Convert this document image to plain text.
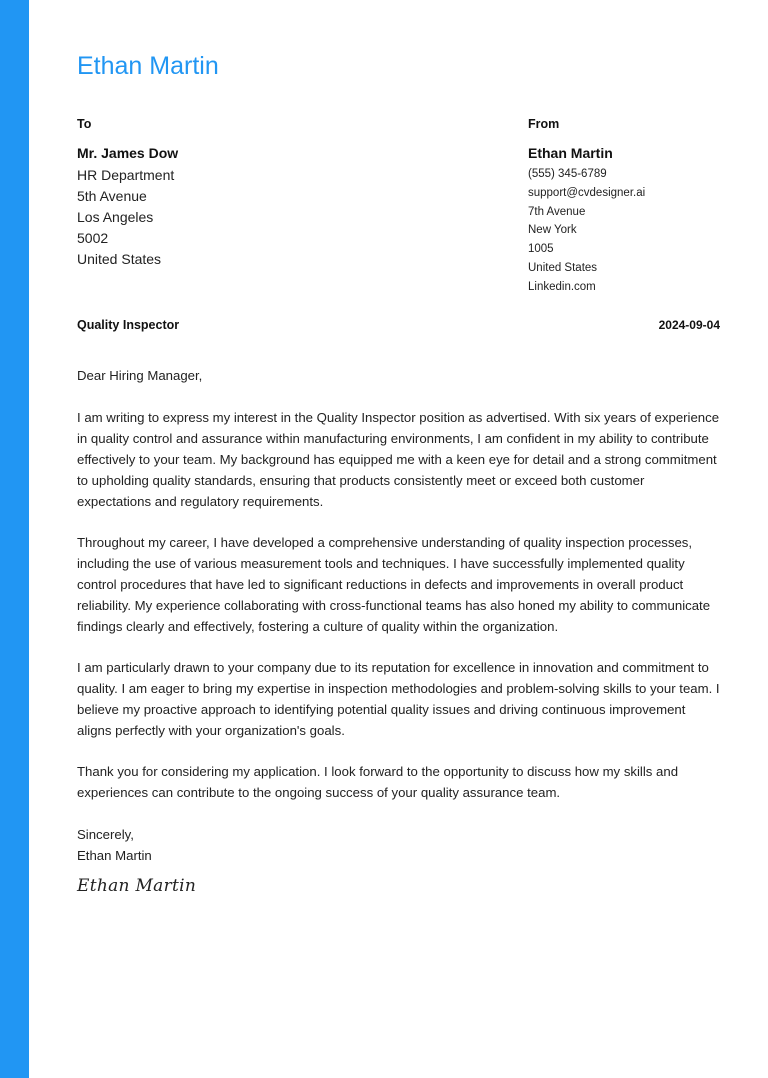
Ethan Martin
To
Mr. James Dow
HR Department
5th Avenue
Los Angeles
5002
United States
From
Ethan Martin
(555) 345-6789
support@cvdesigner.ai
7th Avenue
New York
1005
United States
Linkedin.com
Quality Inspector	2024-09-04

Dear Hiring Manager,

I am writing to express my interest in the Quality Inspector position as advertised. With six years of experience in quality control and assurance within manufacturing environments, I am confident in my ability to contribute effectively to your team. My background has equipped me with a keen eye for detail and a strong commitment to upholding quality standards, ensuring that products consistently meet or exceed both customer expectations and regulatory requirements.

Throughout my career, I have developed a comprehensive understanding of quality inspection processes, including the use of various measurement tools and techniques. I have successfully implemented quality control procedures that have led to significant reductions in defects and improvements in overall product reliability. My experience collaborating with cross-functional teams has also honed my ability to communicate findings clearly and effectively, fostering a culture of quality within the organization.

I am particularly drawn to your company due to its reputation for excellence in innovation and commitment to quality. I am eager to bring my expertise in inspection methodologies and problem-solving skills to your team. I believe my proactive approach to identifying potential quality issues and driving continuous improvement aligns perfectly with your organization's goals.

Thank you for considering my application. I look forward to the opportunity to discuss how my skills and experiences can contribute to the ongoing success of your quality assurance team.

Sincerely,
Ethan Martin
Ethan Martin
